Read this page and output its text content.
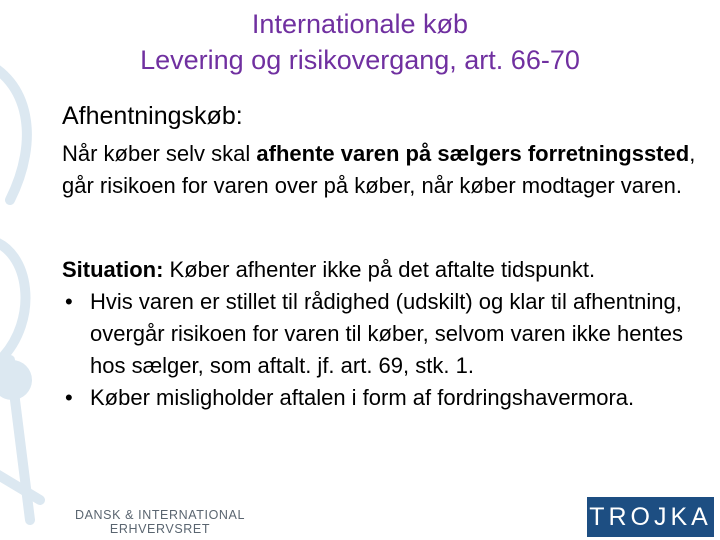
Internationale køb
Levering og risikovergang, art. 66-70
Afhentningskøb:
Når køber selv skal afhente varen på sælgers forretningssted, går risikoen for varen over på køber, når køber modtager varen.
Situation: Køber afhenter ikke på det aftalte tidspunkt.
• Hvis varen er stillet til rådighed (udskilt) og klar til afhentning, overgår risikoen for varen til køber, selvom varen ikke hentes hos sælger, som aftalt. jf. art. 69, stk. 1.
• Køber misligholder aftalen i form af fordringshavermora.
DANSK & INTERNATIONAL
ERHVERVSRET	TROJKA
